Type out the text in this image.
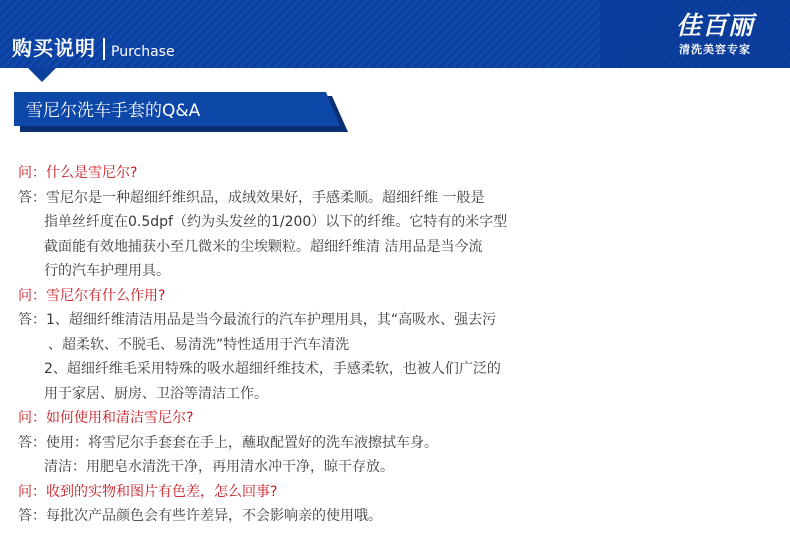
购买说明 Purchase
佳百丽
清洗美容专家
雪尼尔洗车手套的Q&A
问：什么是雪尼尔?
答：雪尼尔是一种超细纤维织品，成绒效果好，手感柔顺。超细纤维 一般是
指单丝纤度在0.5dpf（约为头发丝的1/200）以下的纤维。它特有的米字型
截面能有效地捕获小至几微米的尘埃颗粒。超细纤维清 洁用品是当今流
行的汽车护理用具。
问：雪尼尔有什么作用?
答：1、超细纤维清洁用品是当今最流行的汽车护理用具，其“高吸水、强去污
、超柔软、不脱毛、易清洗”特性适用于汽车清洗
2、超细纤维毛采用特殊的吸水超细纤维技术，手感柔软，也被人们广泛的
用于家居、厨房、卫浴等清洁工作。
问：如何使用和清洁雪尼尔?
答：使用：将雪尼尔手套套在手上，蘸取配置好的洗车液擦拭车身。
清洁：用肥皂水清洗干净，再用清水冲干净，晾干存放。
问：收到的实物和图片有色差，怎么回事?
答：每批次产品颜色会有些许差异，不会影响亲的使用哦。
